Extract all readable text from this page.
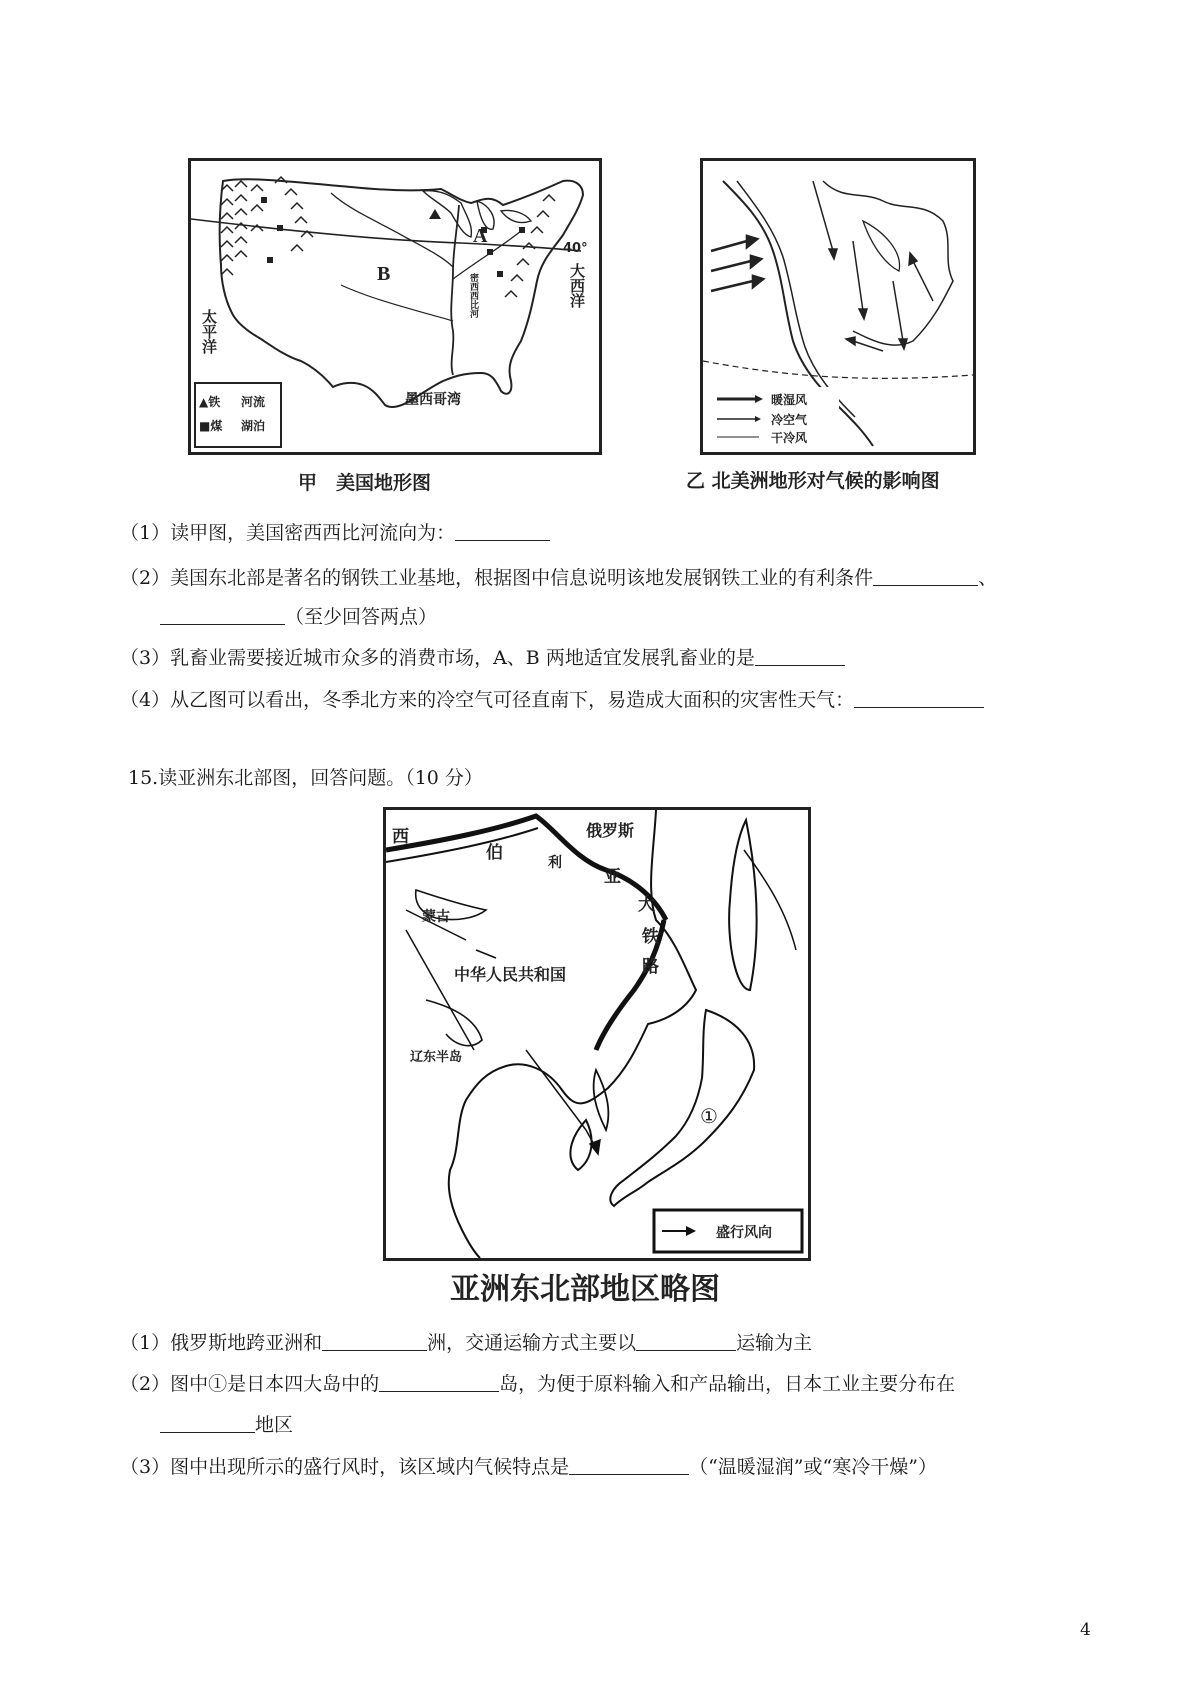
A
B
40°
大西洋
太平洋
墨西哥湾
密西西比河
▲铁 河流
■煤 湖泊
甲　美国地形图
暖湿风
冷空气
干冷风
乙 北美洲地形对气候的影响图
（1）读甲图，美国密西西比河流向为：
（2）美国东北部是著名的钢铁工业基地，根据图中信息说明该地发展钢铁工业的有利条件	、
（至少回答两点）
（3）乳畜业需要接近城市众多的消费市场，A、B 两地适宜发展乳畜业的是
（4）从乙图可以看出，冬季北方来的冷空气可径直南下，易造成大面积的灾害性天气：
15.读亚洲东北部图，回答问题。（10 分）
西
伯	利
俄罗斯
亚
大
铁
路
蒙古
中华人民共和国
辽东半岛
①
盛行风向
亚洲东北部地区略图
（1）俄罗斯地跨亚洲和	洲，交通运输方式主要以	运输为主
（2）图中①是日本四大岛中的	岛，为便于原料输入和产品输出，日本工业主要分布在
地区
（3）图中出现所示的盛行风时，该区域内气候特点是	（“温暖湿润”或“寒冷干燥”）
4
